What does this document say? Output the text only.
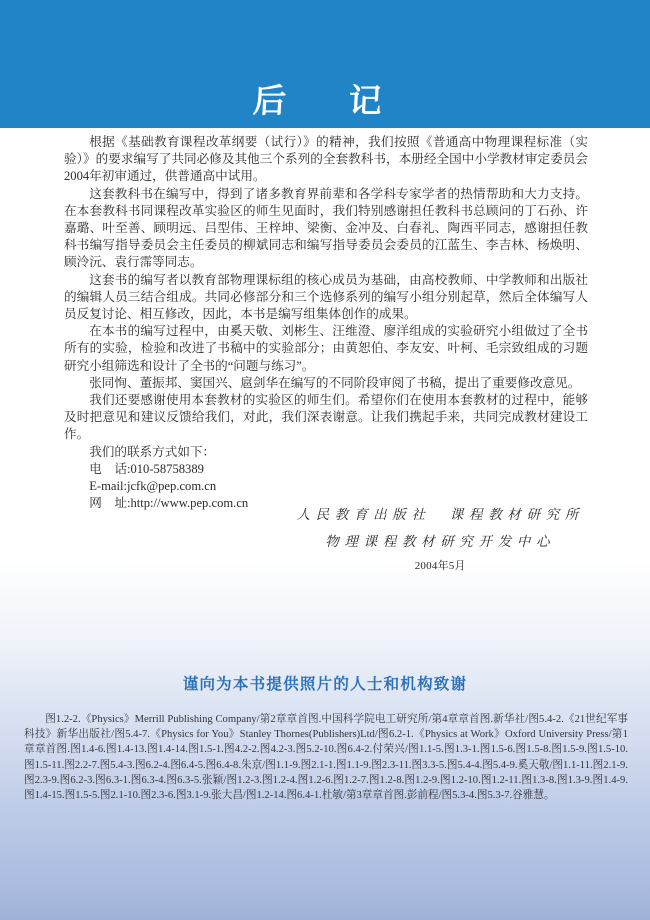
后　记

根据《基础教育课程改革纲要（试行）》的精神，我们按照《普通高中物理课程标准（实验）》的要求编写了共同必修及其他三个系列的全套教科书，本册经全国中小学教材审定委员会2004年初审通过，供普通高中试用。

这套教科书在编写中，得到了诸多教育界前辈和各学科专家学者的热情帮助和大力支持。在本套教科书同课程改革实验区的师生见面时，我们特别感谢担任教科书总顾问的丁石孙、许嘉璐、叶至善、顾明远、吕型伟、王梓坤、梁衡、金冲及、白春礼、陶西平同志，感谢担任教科书编写指导委员会主任委员的柳斌同志和编写指导委员会委员的江蓝生、李吉林、杨焕明、顾泠沅、袁行霈等同志。

这套书的编写者以教育部物理课标组的核心成员为基础，由高校教师、中学教师和出版社的编辑人员三结合组成。共同必修部分和三个选修系列的编写小组分别起草，然后全体编写人员反复讨论、相互修改，因此，本书是编写组集体创作的成果。

在本书的编写过程中，由奚天敬、刘彬生、汪维澄、廖洋组成的实验研究小组做过了全书所有的实验，检验和改进了书稿中的实验部分；由黄恕伯、李友安、叶柯、毛宗致组成的习题研究小组筛选和设计了全书的“问题与练习”。

张同恂、董振邦、窦国兴、扈剑华在编写的不同阶段审阅了书稿，提出了重要修改意见。

我们还要感谢使用本套教材的实验区的师生们。希望你们在使用本套教材的过程中，能够及时把意见和建议反馈给我们，对此，我们深表谢意。让我们携起手来，共同完成教材建设工作。

我们的联系方式如下：

电　话:010-58758389

E-mail:jcfk@pep.com.cn

网　址:http://www.pep.com.cn

人民教育出版社　课程教材研究所

物理课程教材研究开发中心

2004年5月

谨向为本书提供照片的人士和机构致谢

图1.2-2.《Physics》Merrill Publishing Company/第2章章首图.中国科学院电工研究所/第4章章首图.新华社/图5.4-2.《21世纪军事科技》新华出版社/图5.4-7.《Physics for You》Stanley Thornes(Publishers)Ltd/图6.2-1.《Physics at Work》Oxford University Press/第1章章首图.图1.4-6.图1.4-13.图1.4-14.图1.5-1.图4.2-2.图4.2-3.图5.2-10.图6.4-2.付荣兴/图1.1-5.图1.3-1.图1.5-6.图1.5-8.图1.5-9.图1.5-10.图1.5-11.图2.2-7.图5.4-3.图6.2-4.图6.4-5.图6.4-8.朱京/图1.1-9.图2.1-1.图1.1-9.图2.3-11.图3.3-5.图5.4-4.图5.4-9.奚天敬/图1.1-11.图2.1-9.图2.3-9.图6.2-3.图6.3-1.图6.3-4.图6.3-5.张颖/图1.2-3.图1.2-4.图1.2-6.图1.2-7.图1.2-8.图1.2-9.图1.2-10.图1.2-11.图1.3-8.图1.3-9.图1.4-9.图1.4-15.图1.5-5.图2.1-10.图2.3-6.图3.1-9.张大昌/图1.2-14.图6.4-1.杜敏/第3章章首图.彭前程/图5.3-4.图5.3-7.谷雅慧。
